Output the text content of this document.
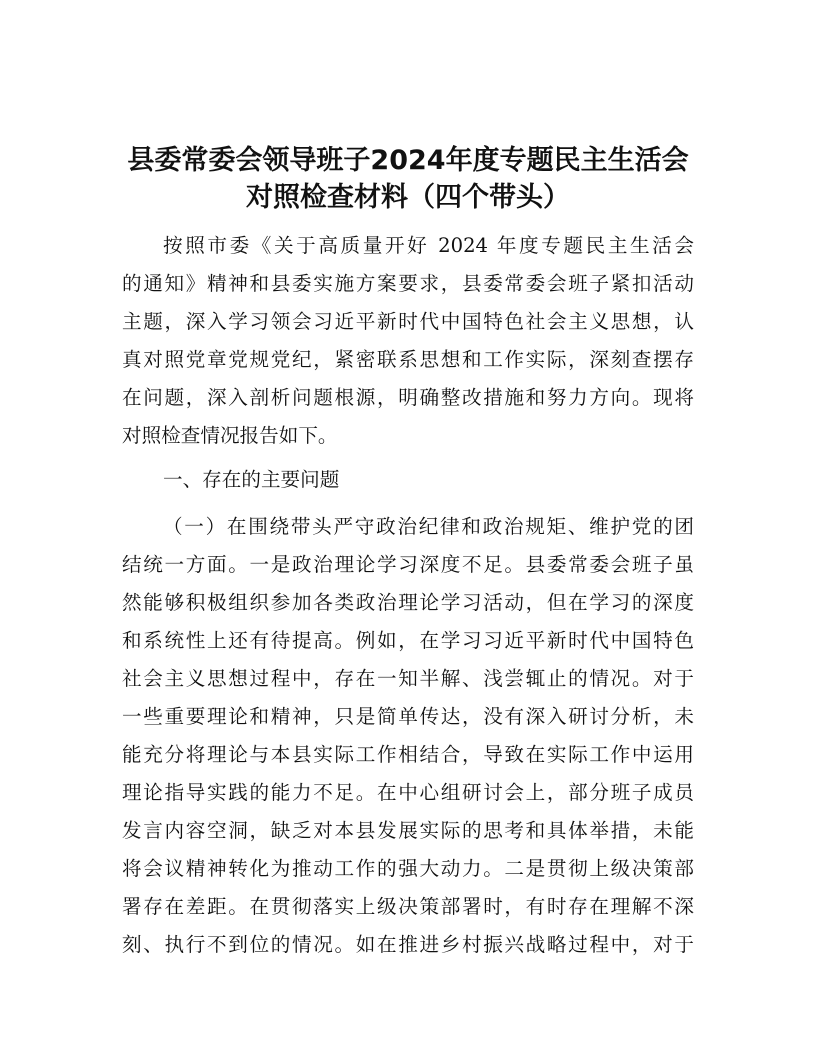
县委常委会领导班子2024年度专题民主生活会
对照检查材料（四个带头）
按照市委《关于高质量开好 2024 年度专题民主生活会
的通知》精神和县委实施方案要求，县委常委会班子紧扣活动
主题，深入学习领会习近平新时代中国特色社会主义思想，认
真对照党章党规党纪，紧密联系思想和工作实际，深刻查摆存
在问题，深入剖析问题根源，明确整改措施和努力方向。现将
对照检查情况报告如下。
一、存在的主要问题
（一）在围绕带头严守政治纪律和政治规矩、维护党的团
结统一方面。一是政治理论学习深度不足。县委常委会班子虽
然能够积极组织参加各类政治理论学习活动，但在学习的深度
和系统性上还有待提高。例如，在学习习近平新时代中国特色
社会主义思想过程中，存在一知半解、浅尝辄止的情况。对于
一些重要理论和精神，只是简单传达，没有深入研讨分析，未
能充分将理论与本县实际工作相结合，导致在实际工作中运用
理论指导实践的能力不足。在中心组研讨会上，部分班子成员
发言内容空洞，缺乏对本县发展实际的思考和具体举措，未能
将会议精神转化为推动工作的强大动力。二是贯彻上级决策部
署存在差距。在贯彻落实上级决策部署时，有时存在理解不深
刻、执行不到位的情况。如在推进乡村振兴战略过程中，对于
